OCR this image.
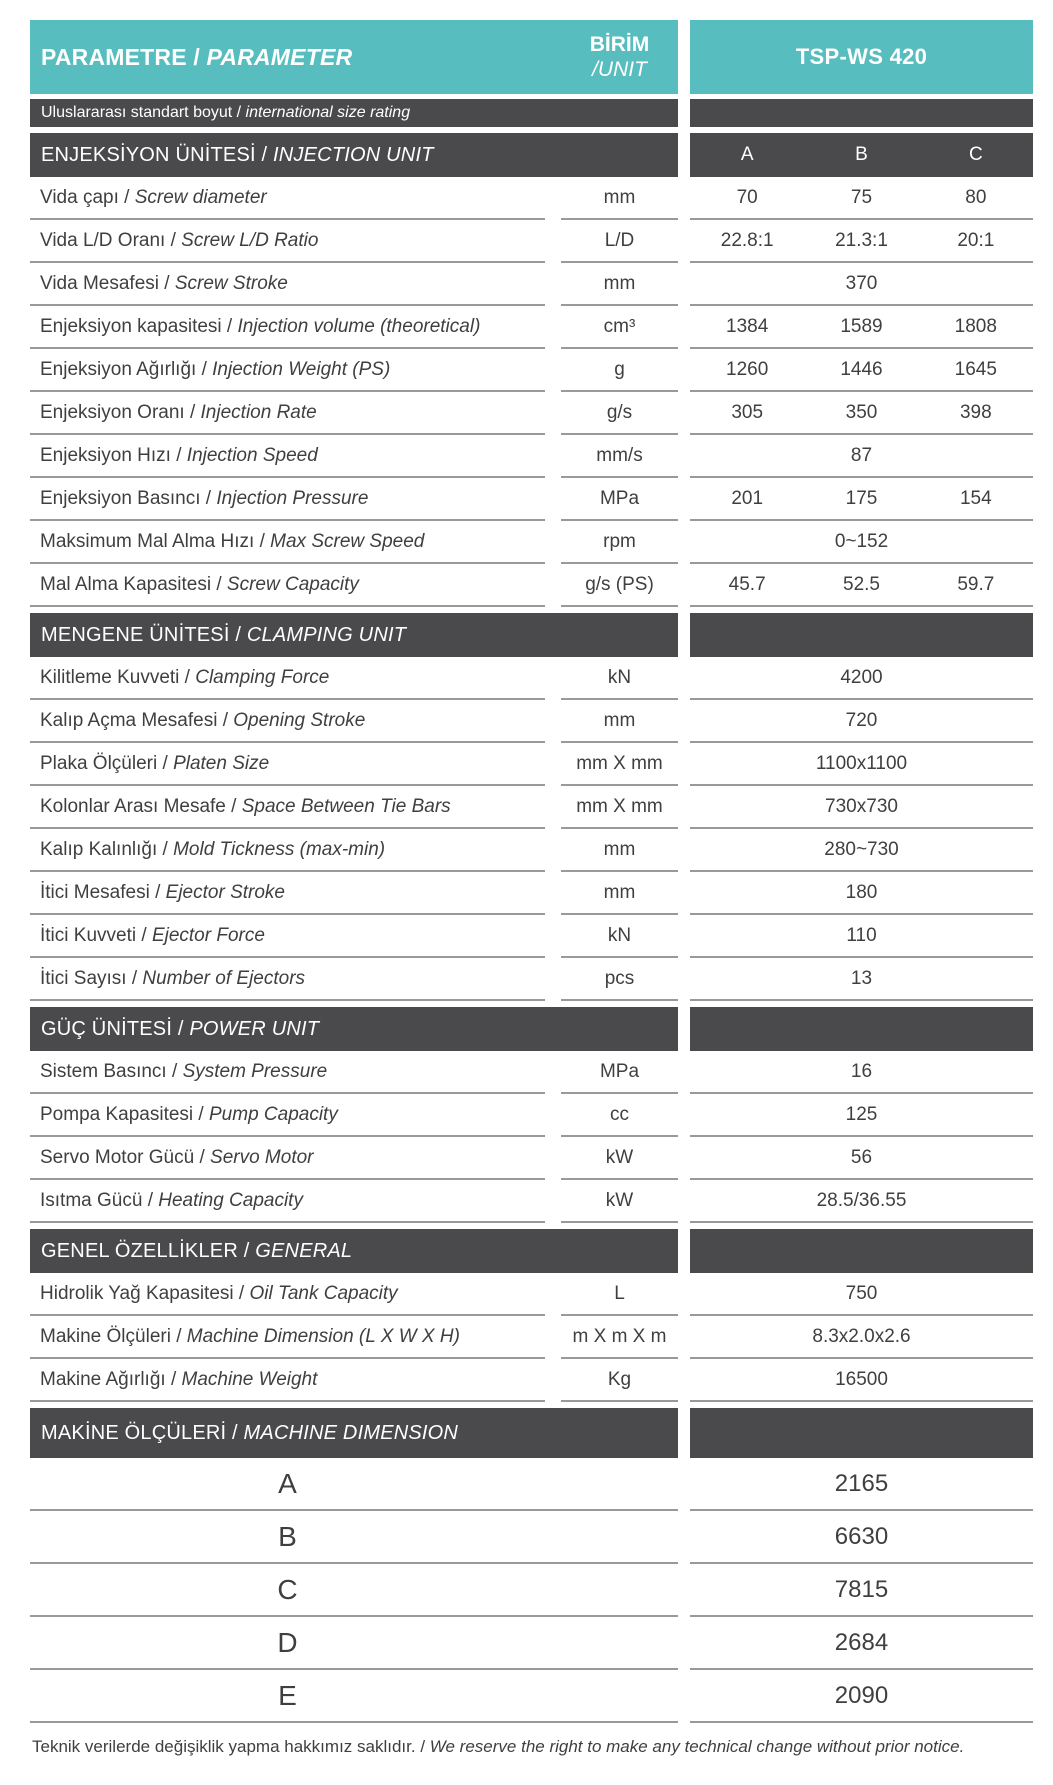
PARAMETRE / PARAMETER	BİRİM
/UNIT
TSP-WS 420
Uluslararası standart boyut / international size rating
ENJEKSİYON ÜNİTESİ / INJECTION UNIT	A	B	C
Vida çapı / Screw diameter	mm	70	75	80
Vida L/D Oranı / Screw L/D Ratio	L/D	22.8:1	21.3:1	20:1
Vida Mesafesi / Screw Stroke	mm	370
Enjeksiyon kapasitesi / Injection volume (theoretical)	cm³	1384	1589	1808
Enjeksiyon Ağırlığı / Injection Weight (PS)	g	1260	1446	1645
Enjeksiyon Oranı / Injection Rate	g/s	305	350	398
Enjeksiyon Hızı / Injection Speed	mm/s	87
Enjeksiyon Basıncı / Injection Pressure	MPa	201	175	154
Maksimum Mal Alma Hızı / Max Screw Speed	rpm	0~152
Mal Alma Kapasitesi / Screw Capacity	g/s (PS)	45.7	52.5	59.7
MENGENE ÜNİTESİ / CLAMPING UNIT
Kilitleme Kuvveti / Clamping Force	kN	4200
Kalıp Açma Mesafesi / Opening Stroke	mm	720
Plaka Ölçüleri / Platen Size	mm X mm	1100x1100
Kolonlar Arası Mesafe / Space Between Tie Bars	mm X mm	730x730
Kalıp Kalınlığı / Mold Tickness (max-min)	mm	280~730
İtici Mesafesi / Ejector Stroke	mm	180
İtici Kuvveti / Ejector Force	kN	110
İtici Sayısı / Number of Ejectors	pcs	13
GÜÇ ÜNİTESİ / POWER UNIT
Sistem Basıncı / System Pressure	MPa	16
Pompa Kapasitesi / Pump Capacity	cc	125
Servo Motor Gücü / Servo Motor	kW	56
Isıtma Gücü / Heating Capacity	kW	28.5/36.55
GENEL ÖZELLİKLER / GENERAL
Hidrolik Yağ Kapasitesi / Oil Tank Capacity	L	750
Makine Ölçüleri / Machine Dimension (L X W X H)	m X m X m	8.3x2.0x2.6
Makine Ağırlığı / Machine Weight	Kg	16500
MAKİNE ÖLÇÜLERİ / MACHINE DIMENSION
A	2165
B	6630
C	7815
D	2684
E	2090
Teknik verilerde değişiklik yapma hakkımız saklıdır. / We reserve the right to make any technical change without prior notice.
